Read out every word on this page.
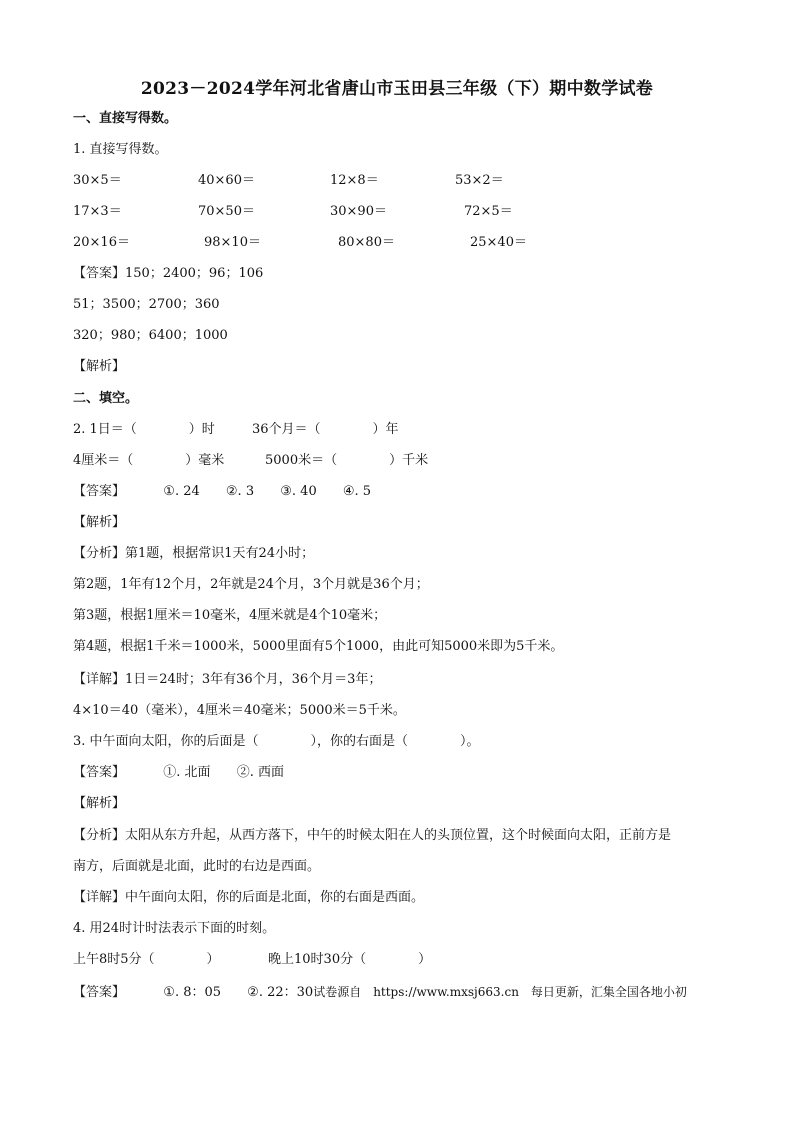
2023－2024学年河北省唐山市玉田县三年级（下）期中数学试卷
一、直接写得数。
1. 直接写得数。
30×5＝	40×60＝	12×8＝	53×2＝
17×3＝	70×50＝	30×90＝	72×5＝
20×16＝	98×10＝	80×80＝	25×40＝
【答案】150；2400；96；106
51；3500；2700；360
320；980；6400；1000
【解析】
二、填空。
2. 1日＝（　　　　）时	36个月＝（　　　　）年
4厘米＝（　　　　）毫米	5000米＝（　　　　）千米
【答案】	①. 24 ②. 3 ③. 40 ④. 5
【解析】
【分析】第1题，根据常识1天有24小时；
第2题，1年有12个月，2年就是24个月，3个月就是36个月；
第3题，根据1厘米＝10毫米，4厘米就是4个10毫米；
第4题，根据1千米＝1000米，5000里面有5个1000，由此可知5000米即为5千米。
【详解】1日＝24时；3年有36个月，36个月＝3年；
4×10＝40（毫米），4厘米＝40毫米；5000米＝5千米。
3. 中午面向太阳，你的后面是（　　　　），你的右面是（　　　　）。
【答案】	①. 北面 ②. 西面
【解析】
【分析】太阳从东方升起，从西方落下，中午的时候太阳在人的头顶位置，这个时候面向太阳，正前方是
南方，后面就是北面，此时的右边是西面。
【详解】中午面向太阳，你的后面是北面，你的右面是西面。
4. 用24时计时法表示下面的时刻。
上午8时5分（　　　　）	晚上10时30分（　　　　）
【答案】	①. 8：05 ②. 22：30试卷源自　https://www.mxsj663.cn　每日更新，汇集全国各地小初
